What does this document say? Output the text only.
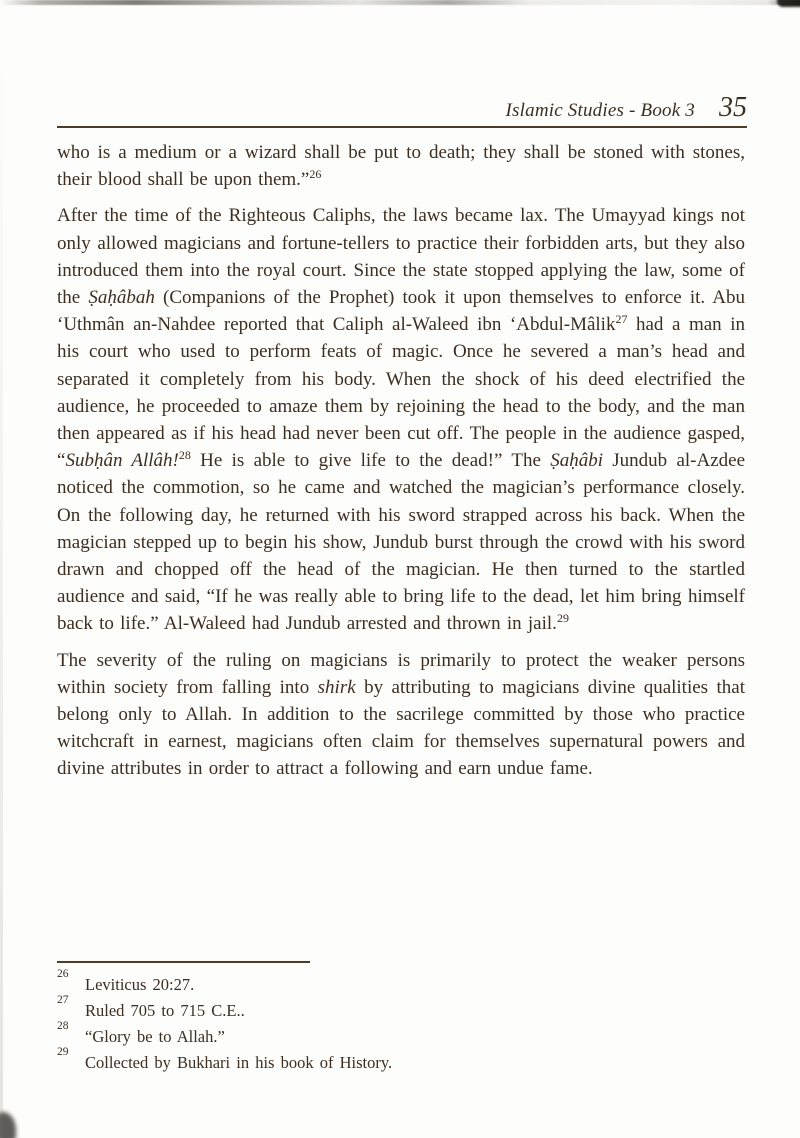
Islamic Studies - Book 3 35

who is a medium or a wizard shall be put to death; they shall be stoned with stones, their blood shall be upon them.”$^{26}$

After the time of the Righteous Caliphs, the laws became lax. The Umayyad kings not only allowed magicians and fortune-tellers to practice their forbidden arts, but they also introduced them into the royal court. Since the state stopped applying the law, some of the Ṣaḥâbah (Companions of the Prophet) took it upon themselves to enforce it. Abu ‘Uthmân an-Nahdee reported that Caliph al-Waleed ibn ‘Abdul-Mâlik$^{27}$ had a man in his court who used to perform feats of magic. Once he severed a man’s head and separated it completely from his body. When the shock of his deed electrified the audience, he proceeded to amaze them by rejoining the head to the body, and the man then appeared as if his head had never been cut off. The people in the audience gasped, “Subḥân Allâh!$^{28}$ He is able to give life to the dead!” The Ṣaḥâbi Jundub al-Azdee noticed the commotion, so he came and watched the magician’s performance closely. On the following day, he returned with his sword strapped across his back. When the magician stepped up to begin his show, Jundub burst through the crowd with his sword drawn and chopped off the head of the magician. He then turned to the startled audience and said, “If he was really able to bring life to the dead, let him bring himself back to life.” Al-Waleed had Jundub arrested and thrown in jail.$^{29}$

The severity of the ruling on magicians is primarily to protect the weaker persons within society from falling into shirk by attributing to magicians divine qualities that belong only to Allah. In addition to the sacrilege committed by those who practice witchcraft in earnest, magicians often claim for themselves supernatural powers and divine attributes in order to attract a following and earn undue fame.

26
Leviticus 20:27.
27
Ruled 705 to 715 C.E..
28
“Glory be to Allah.”
29
Collected by Bukhari in his book of History.
